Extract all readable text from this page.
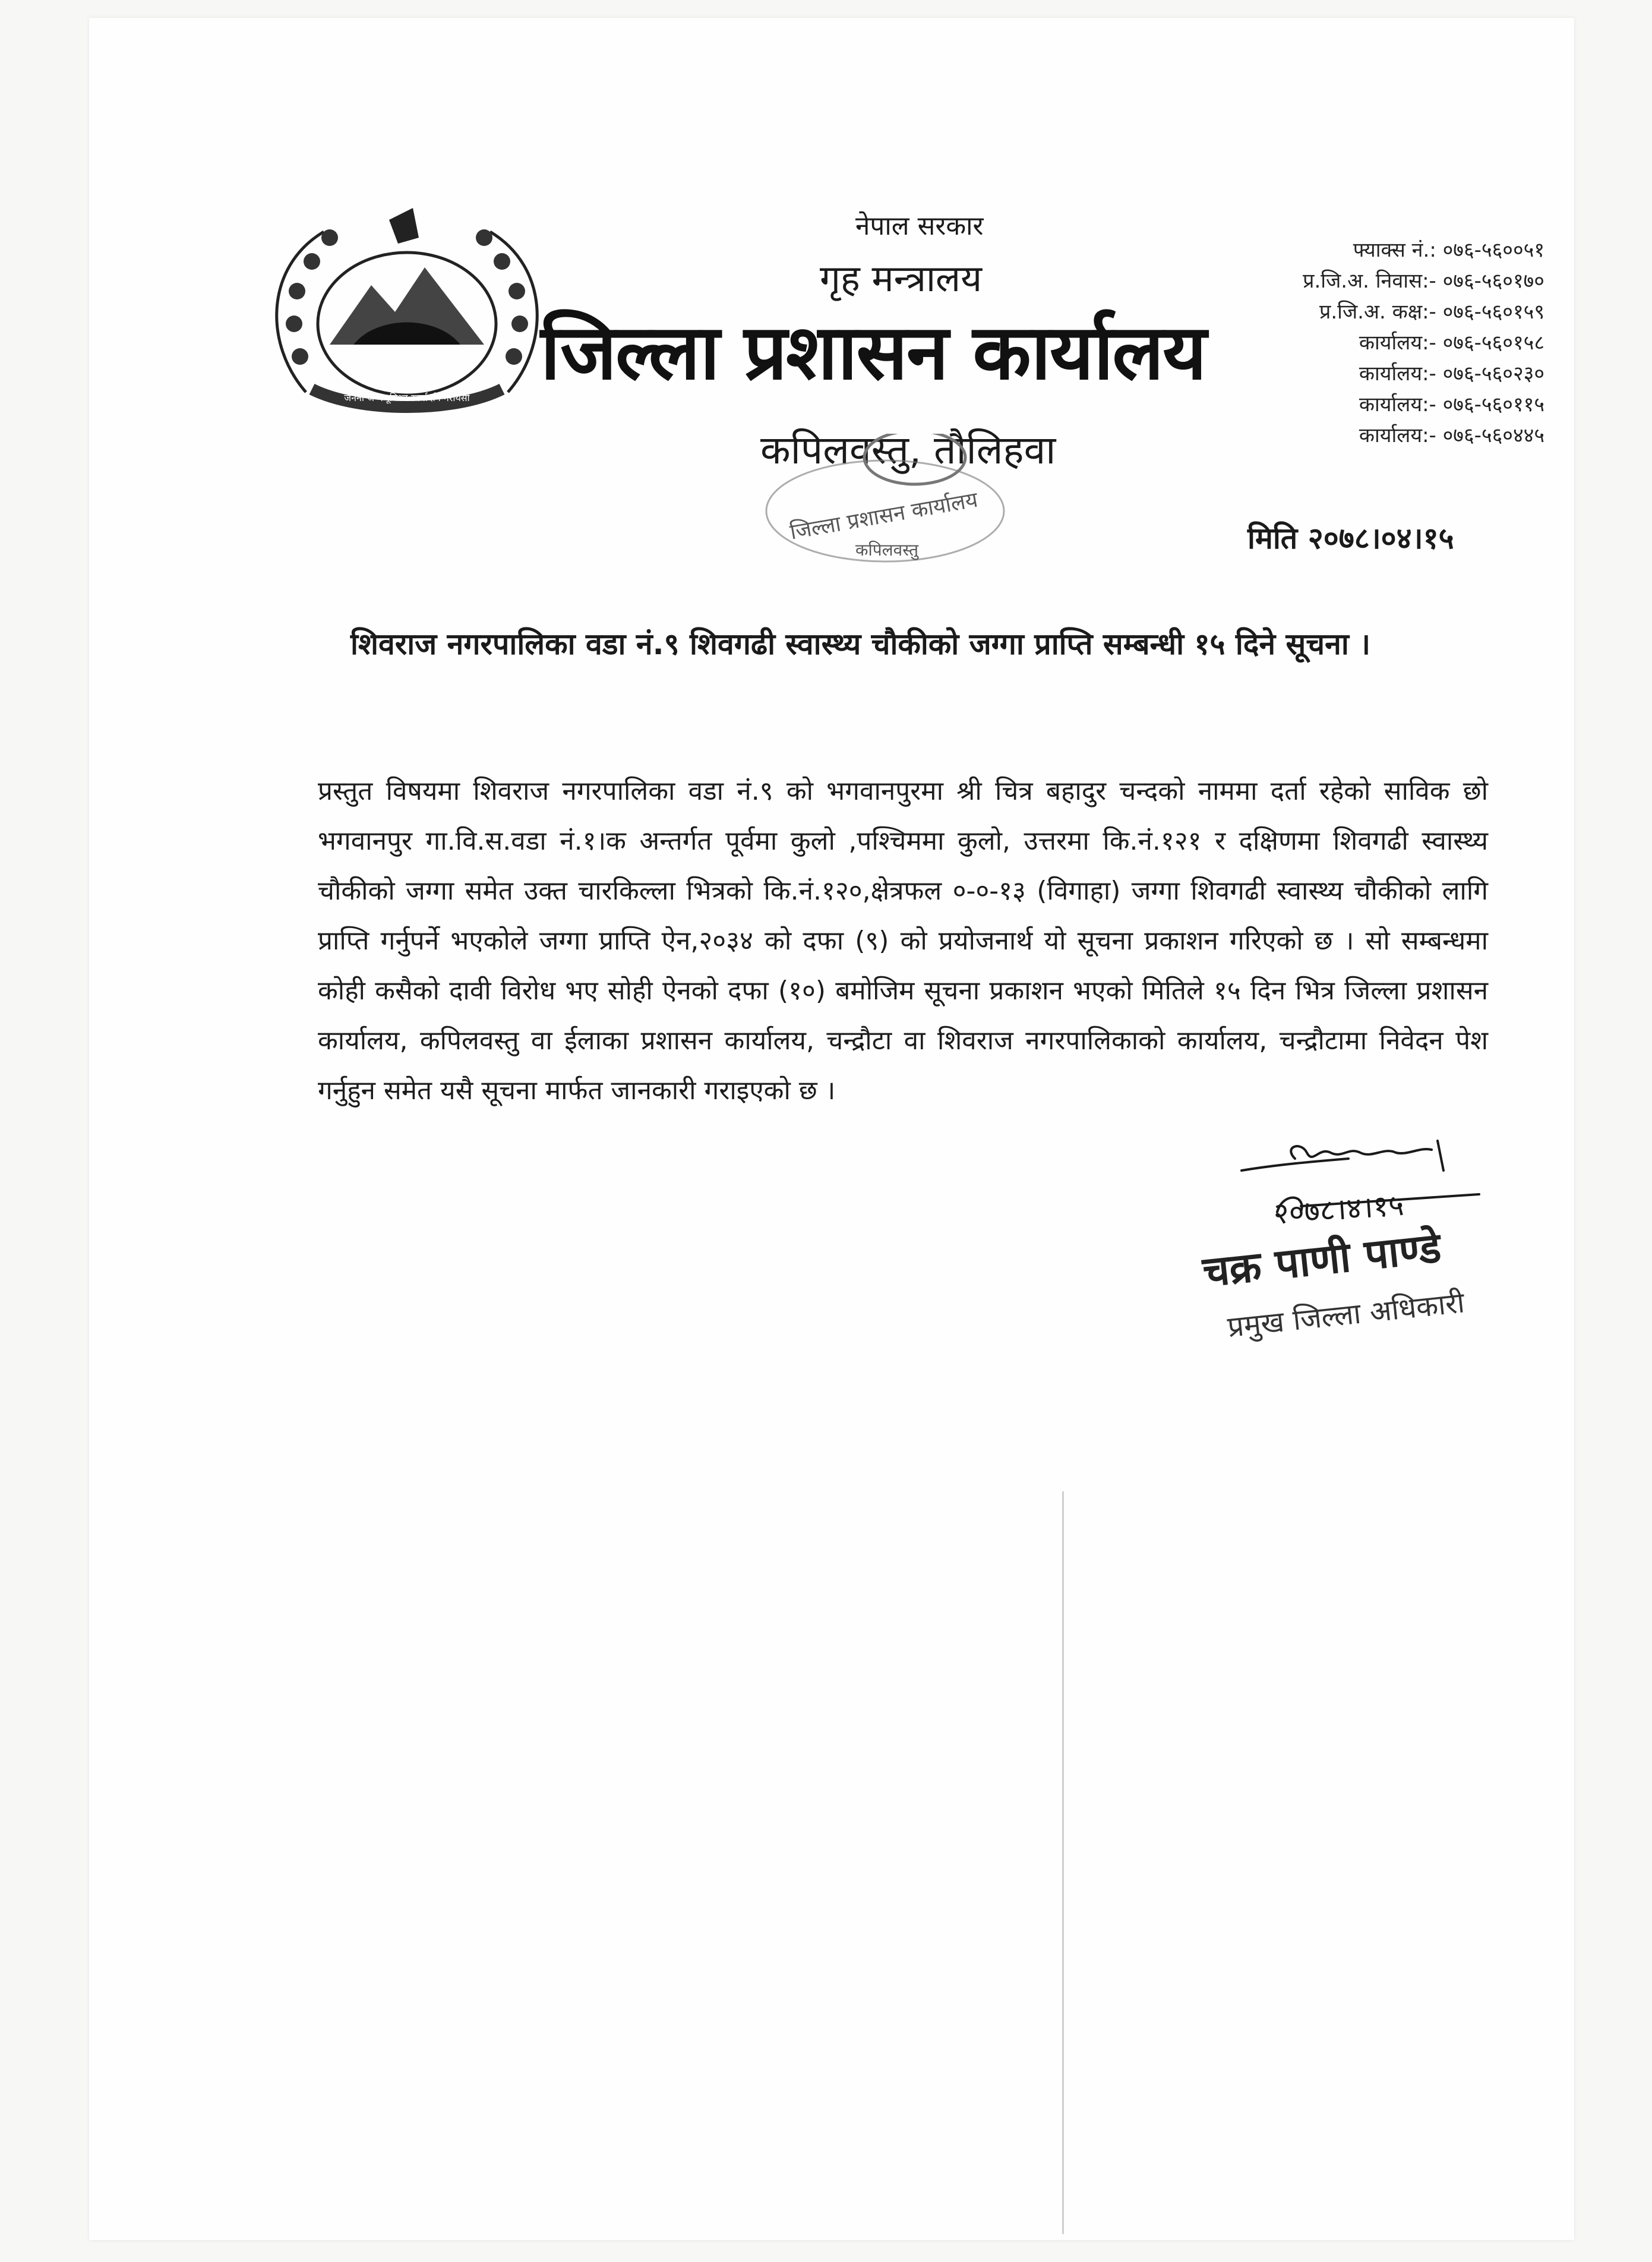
जननी जन्मभूमिश्च स्वर्गादपि गरीयसी
नेपाल सरकार
गृह मन्त्रालय
जिल्ला प्रशासन कार्यालय
कपिलवस्तु, तौलिहवा
फ्याक्स नं.: ०७६-५६००५१
प्र.जि.अ. निवास:- ०७६-५६०१७०
प्र.जि.अ. कक्ष:- ०७६-५६०१५९
कार्यालय:- ०७६-५६०१५८
कार्यालय:- ०७६-५६०२३०
कार्यालय:- ०७६-५६०११५
कार्यालय:- ०७६-५६०४४५
जिल्ला प्रशासन कार्यालय
कपिलवस्तु	मिति २०७८।०४।१५
शिवराज नगरपालिका वडा नं.९ शिवगढी स्वास्थ्य चौकीको जग्गा प्राप्ति सम्बन्धी १५ दिने सूचना ।
प्रस्तुत विषयमा शिवराज नगरपालिका वडा नं.९ को भगवानपुरमा श्री चित्र बहादुर चन्दको नाममा दर्ता रहेको साविक छो भगवानपुर गा.वि.स.वडा नं.१।क अन्तर्गत पूर्वमा कुलो ,पश्चिममा कुलो, उत्तरमा कि.नं.१२१ र दक्षिणमा शिवगढी स्वास्थ्य चौकीको जग्गा समेत उक्त चारकिल्ला भित्रको कि.नं.१२०,क्षेत्रफल ०-०-१३ (विगाहा) जग्गा शिवगढी स्वास्थ्य चौकीको लागि प्राप्ति गर्नुपर्ने भएकोले जग्गा प्राप्ति ऐन,२०३४ को दफा (९) को प्रयोजनार्थ यो सूचना प्रकाशन गरिएको छ । सो सम्बन्धमा कोही कसैको दावी विरोध भए सोही ऐनको दफा (१०) बमोजिम सूचना प्रकाशन भएको मितिले १५ दिन भित्र जिल्ला प्रशासन कार्यालय, कपिलवस्तु वा ईलाका प्रशासन कार्यालय, चन्द्रौटा वा शिवराज नगरपालिकाको कार्यालय, चन्द्रौटामा निवेदन पेश गर्नुहुन समेत यसै सूचना मार्फत जानकारी गराइएको छ ।
२०७८।४।१५
चक्र पाणी पाण्डे
प्रमुख जिल्ला अधिकारी
